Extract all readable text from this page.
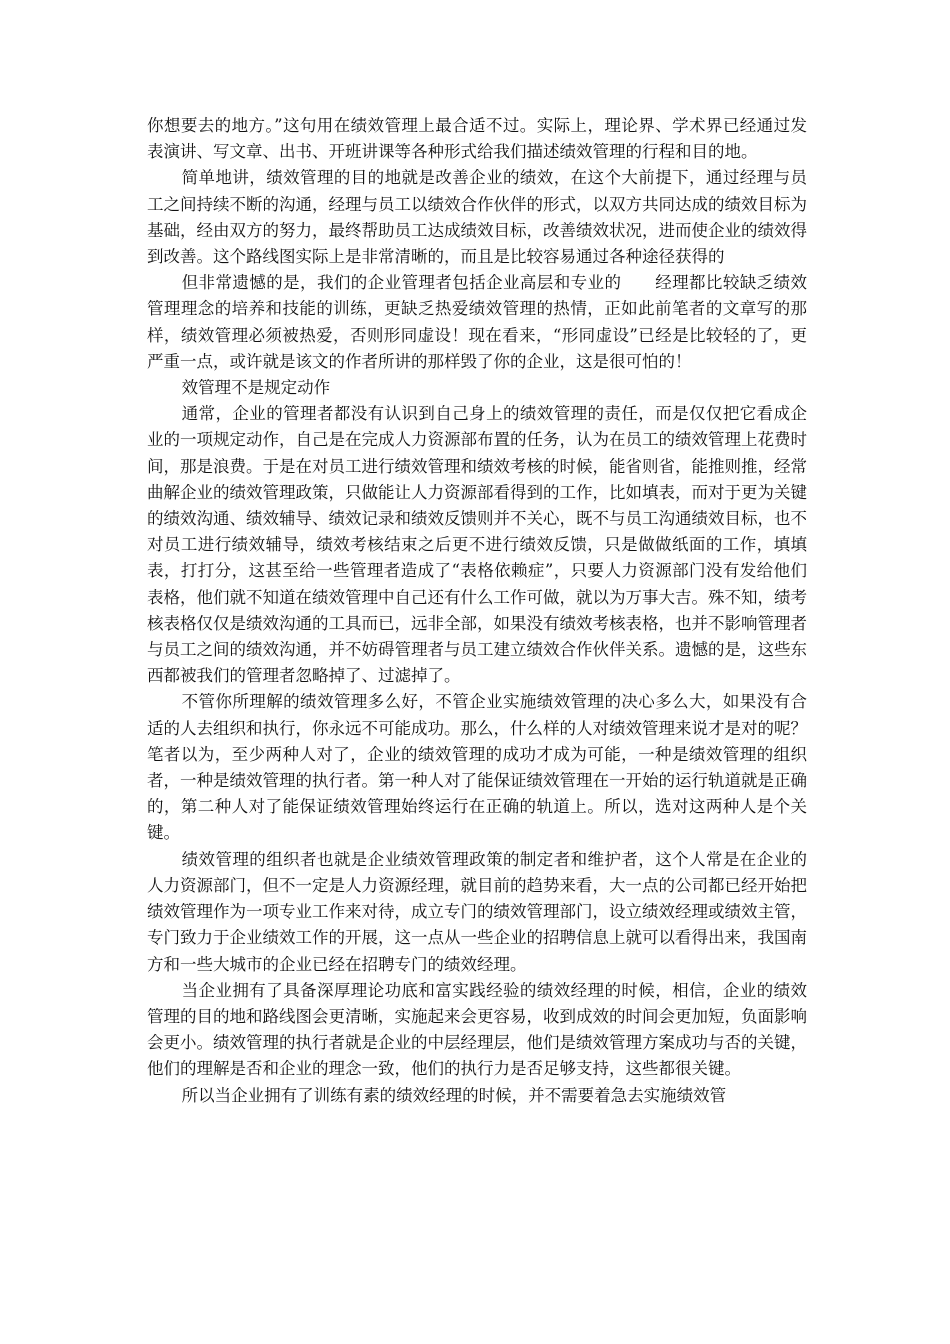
你想要去的地方。”这句用在绩效管理上最合适不过。实际上，理论界、学术界已经通过发表演讲、写文章、出书、开班讲课等各种形式给我们描述绩效管理的行程和目的地。

简单地讲，绩效管理的目的地就是改善企业的绩效，在这个大前提下，通过经理与员工之间持续不断的沟通，经理与员工以绩效合作伙伴的形式，以双方共同达成的绩效目标为基础，经由双方的努力，最终帮助员工达成绩效目标，改善绩效状况，进而使企业的绩效得到改善。这个路线图实际上是非常清晰的，而且是比较容易通过各种途径获得的

但非常遗憾的是，我们的企业管理者包括企业高层和专业的　　经理都比较缺乏绩效管理理念的培养和技能的训练，更缺乏热爱绩效管理的热情，正如此前笔者的文章写的那样，绩效管理必须被热爱，否则形同虚设！现在看来，“形同虚设”已经是比较轻的了，更严重一点，或许就是该文的作者所讲的那样毁了你的企业，这是很可怕的！

效管理不是规定动作

通常，企业的管理者都没有认识到自己身上的绩效管理的责任，而是仅仅把它看成企业的一项规定动作，自己是在完成人力资源部布置的任务，认为在员工的绩效管理上花费时间，那是浪费。于是在对员工进行绩效管理和绩效考核的时候，能省则省，能推则推，经常曲解企业的绩效管理政策，只做能让人力资源部看得到的工作，比如填表，而对于更为关键的绩效沟通、绩效辅导、绩效记录和绩效反馈则并不关心，既不与员工沟通绩效目标，也不对员工进行绩效辅导，绩效考核结束之后更不进行绩效反馈，只是做做纸面的工作，填填表，打打分，这甚至给一些管理者造成了“表格依赖症”，只要人力资源部门没有发给他们表格，他们就不知道在绩效管理中自己还有什么工作可做，就以为万事大吉。殊不知，绩考核表格仅仅是绩效沟通的工具而已，远非全部，如果没有绩效考核表格，也并不影响管理者与员工之间的绩效沟通，并不妨碍管理者与员工建立绩效合作伙伴关系。遗憾的是，这些东西都被我们的管理者忽略掉了、过滤掉了。

不管你所理解的绩效管理多么好，不管企业实施绩效管理的决心多么大，如果没有合适的人去组织和执行，你永远不可能成功。那么，什么样的人对绩效管理来说才是对的呢？笔者以为，至少两种人对了，企业的绩效管理的成功才成为可能，一种是绩效管理的组织者，一种是绩效管理的执行者。第一种人对了能保证绩效管理在一开始的运行轨道就是正确的，第二种人对了能保证绩效管理始终运行在正确的轨道上。所以，选对这两种人是个关键。

绩效管理的组织者也就是企业绩效管理政策的制定者和维护者，这个人常是在企业的人力资源部门，但不一定是人力资源经理，就目前的趋势来看，大一点的公司都已经开始把绩效管理作为一项专业工作来对待，成立专门的绩效管理部门，设立绩效经理或绩效主管，专门致力于企业绩效工作的开展，这一点从一些企业的招聘信息上就可以看得出来，我国南方和一些大城市的企业已经在招聘专门的绩效经理。

当企业拥有了具备深厚理论功底和富实践经验的绩效经理的时候，相信，企业的绩效管理的目的地和路线图会更清晰，实施起来会更容易，收到成效的时间会更加短，负面影响会更小。绩效管理的执行者就是企业的中层经理层，他们是绩效管理方案成功与否的关键，他们的理解是否和企业的理念一致，他们的执行力是否足够支持，这些都很关键。

所以当企业拥有了训练有素的绩效经理的时候，并不需要着急去实施绩效管
